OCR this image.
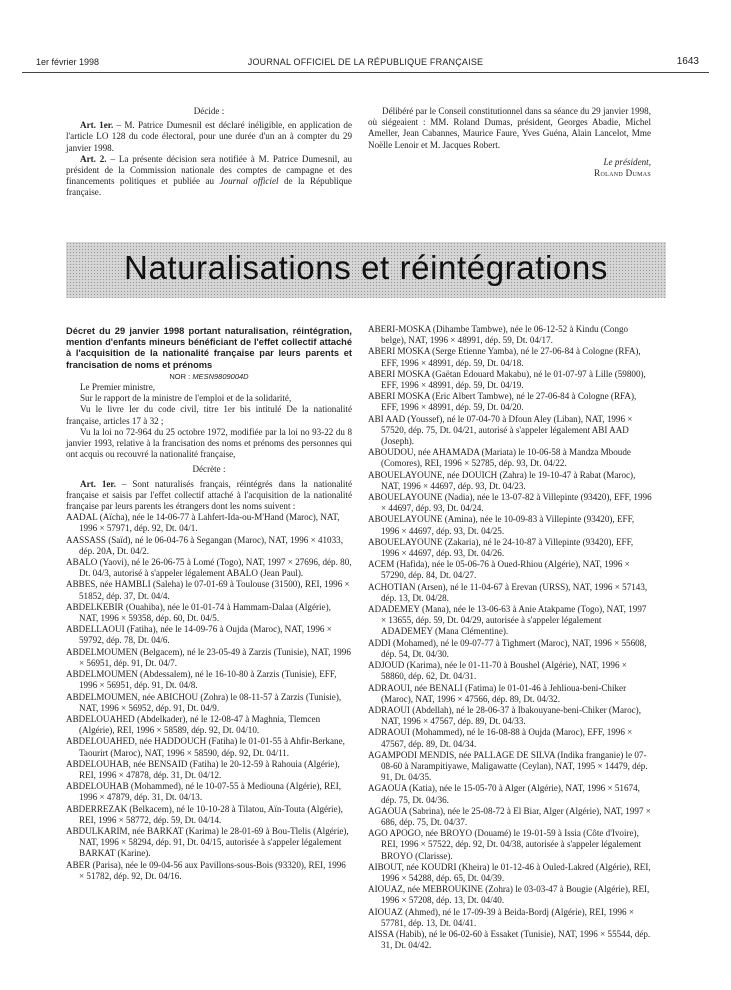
1er février 1998	JOURNAL OFFICIEL DE LA RÉPUBLIQUE FRANÇAISE	1643

Décide :

Art. 1er. – M. Patrice Dumesnil est déclaré inéligible, en application de l'article LO 128 du code électoral, pour une durée d'un an à compter du 29 janvier 1998.

Art. 2. – La présente décision sera notifiée à M. Patrice Dumesnil, au président de la Commission nationale des comptes de campagne et des financements politiques et publiée au Journal officiel de la République française.

Délibéré par le Conseil constitutionnel dans sa séance du 29 janvier 1998, où siégeaient : MM. Roland Dumas, président, Georges Abadie, Michel Ameller, Jean Cabannes, Maurice Faure, Yves Guéna, Alain Lancelot, Mme Noëlle Lenoir et M. Jacques Robert.

Le président,

Roland Dumas

Naturalisations et réintégrations

Décret du 29 janvier 1998 portant naturalisation, réintégration, mention d'enfants mineurs bénéficiant de l'effet collectif attaché à l'acquisition de la nationalité française par leurs parents et francisation de noms et prénoms

NOR : MESN9809004D

Le Premier ministre,

Sur le rapport de la ministre de l'emploi et de la solidarité,

Vu le livre Ier du code civil, titre 1er bis intitulé De la nationalité française, articles 17 à 32 ;

Vu la loi no 72-964 du 25 octobre 1972, modifiée par la loi no 93-22 du 8 janvier 1993, relative à la francisation des noms et prénoms des personnes qui ont acquis ou recouvré la nationalité française,

Décrète :

Art. 1er. – Sont naturalisés français, réintégrés dans la nationalité française et saisis par l'effet collectif attaché à l'acquisition de la nationalité française par leurs parents les étrangers dont les noms suivent :

AADAL (Aïcha), née le 14-06-77 à Lahfert-Ida-ou-M'Hand (Maroc), NAT, 1996 × 57971, dép. 92, Dt. 04/1.

AASSASS (Saïd), né le 06-04-76 à Segangan (Maroc), NAT, 1996 × 41033, dép. 20A, Dt. 04/2.

ABALO (Yaovi), né le 26-06-75 à Lomé (Togo), NAT, 1997 × 27696, dép. 80, Dt. 04/3, autorisé à s'appeler légalement ABALO (Jean Paul).

ABBES, née HAMBLI (Saleha) le 07-01-69 à Toulouse (31500), REI, 1996 × 51852, dép. 37, Dt. 04/4.

ABDELKEBIR (Ouahiba), née le 01-01-74 à Hammam-Dalaa (Algérie), NAT, 1996 × 59358, dép. 60, Dt. 04/5.

ABDELLAOUI (Fatiha), née le 14-09-76 à Oujda (Maroc), NAT, 1996 × 59792, dép. 78, Dt. 04/6.

ABDELMOUMEN (Belgacem), né le 23-05-49 à Zarzis (Tunisie), NAT, 1996 × 56951, dép. 91, Dt. 04/7.

ABDELMOUMEN (Abdessalem), né le 16-10-80 à Zarzis (Tunisie), EFF, 1996 × 56951, dép. 91, Dt. 04/8.

ABDELMOUMEN, née ABICHOU (Zohra) le 08-11-57 à Zarzis (Tunisie), NAT, 1996 × 56952, dép. 91, Dt. 04/9.

ABDELOUAHED (Abdelkader), né le 12-08-47 à Maghnia, Tlemcen (Algérie), REI, 1996 × 58589, dép. 92, Dt. 04/10.

ABDELOUAHED, née HADDOUCH (Fatiha) le 01-01-55 à Ahfir-Berkane, Taourirt (Maroc), NAT, 1996 × 58590, dép. 92, Dt. 04/11.

ABDELOUHAB, née BENSAID (Fatiha) le 20-12-59 à Rahouia (Algérie), REI, 1996 × 47878, dép. 31, Dt. 04/12.

ABDELOUHAB (Mohammed), né le 10-07-55 à Mediouna (Algérie), REI, 1996 × 47879, dép. 31, Dt. 04/13.

ABDERREZAK (Belkacem), né le 10-10-28 à Tilatou, Aïn-Touta (Algérie), REI, 1996 × 58772, dép. 59, Dt. 04/14.

ABDULKARIM, née BARKAT (Karima) le 28-01-69 à Bou-Tlelis (Algérie), NAT, 1996 × 58294, dép. 91, Dt. 04/15, autorisée à s'appeler légalement BARKAT (Karine).

ABER (Parisa), née le 09-04-56 aux Pavillons-sous-Bois (93320), REI, 1996 × 51782, dép. 92, Dt. 04/16.

ABERI-MOSKA (Dihambe Tambwe), née le 06-12-52 à Kindu (Congo belge), NAT, 1996 × 48991, dép. 59, Dt. 04/17.

ABERI MOSKA (Serge Etienne Yamba), né le 27-06-84 à Cologne (RFA), EFF, 1996 × 48991, dép. 59, Dt. 04/18.

ABERI MOSKA (Gaëtan Edouard Makabu), né le 01-07-97 à Lille (59800), EFF, 1996 × 48991, dép. 59, Dt. 04/19.

ABERI MOSKA (Eric Albert Tambwe), né le 27-06-84 à Cologne (RFA), EFF, 1996 × 48991, dép. 59, Dt. 04/20.

ABI AAD (Youssef), né le 07-04-70 à Dfoun Aley (Liban), NAT, 1996 × 57520, dép. 75, Dt. 04/21, autorisé à s'appeler légalement ABI AAD (Joseph).

ABOUDOU, née AHAMADA (Mariata) le 10-06-58 à Mandza Mboude (Comores), REI, 1996 × 52785, dép. 93, Dt. 04/22.

ABOUELAYOUNE, née DOUICH (Zahra) le 19-10-47 à Rabat (Maroc), NAT, 1996 × 44697, dép. 93, Dt. 04/23.

ABOUELAYOUNE (Nadia), née le 13-07-82 à Villepinte (93420), EFF, 1996 × 44697, dép. 93, Dt. 04/24.

ABOUELAYOUNE (Amina), née le 10-09-83 à Villepinte (93420), EFF, 1996 × 44697, dép. 93, Dt. 04/25.

ABOUELAYOUNE (Zakaria), né le 24-10-87 à Villepinte (93420), EFF, 1996 × 44697, dép. 93, Dt. 04/26.

ACEM (Hafida), née le 05-06-76 à Oued-Rhiou (Algérie), NAT, 1996 × 57290, dép. 84, Dt. 04/27.

ACHOTIAN (Arsen), né le 11-04-67 à Erevan (URSS), NAT, 1996 × 57143, dép. 13, Dt. 04/28.

ADADEMEY (Mana), née le 13-06-63 à Anie Atakpame (Togo), NAT, 1997 × 13655, dép. 59, Dt. 04/29, autorisée à s'appeler légalement ADADEMEY (Mana Clémentine).

ADDI (Mohamed), né le 09-07-77 à Tighmert (Maroc), NAT, 1996 × 55608, dép. 54, Dt. 04/30.

ADJOUD (Karima), née le 01-11-70 à Boushel (Algérie), NAT, 1996 × 58860, dép. 62, Dt. 04/31.

ADRAOUI, née BENALI (Fatima) le 01-01-46 à Jehlioua-beni-Chiker (Maroc), NAT, 1996 × 47566, dép. 89, Dt. 04/32.

ADRAOUI (Abdellah), né le 28-06-37 à Ibakouyane-beni-Chiker (Maroc), NAT, 1996 × 47567, dép. 89, Dt. 04/33.

ADRAOUI (Mohammed), né le 16-08-88 à Oujda (Maroc), EFF, 1996 × 47567, dép. 89, Dt. 04/34.

AGAMPODI MENDIS, née PALLAGE DE SILVA (Indika franganie) le 07-08-60 à Narampitiyawe, Maligawatte (Ceylan), NAT, 1995 × 14479, dép. 91, Dt. 04/35.

AGAOUA (Katia), née le 15-05-70 à Alger (Algérie), NAT, 1996 × 51674, dép. 75, Dt. 04/36.

AGAOUA (Sabrina), née le 25-08-72 à El Biar, Alger (Algérie), NAT, 1997 × 686, dép. 75, Dt. 04/37.

AGO APOGO, née BROYO (Douamé) le 19-01-59 à Issia (Côte d'Ivoire), REI, 1996 × 57522, dép. 92, Dt. 04/38, autorisée à s'appeler légalement BROYO (Clarisse).

AIBOUT, née KOUDRI (Kheira) le 01-12-46 à Ouled-Lakred (Algérie), REI, 1996 × 54288, dép. 65, Dt. 04/39.

AIOUAZ, née MEBROUKINE (Zohra) le 03-03-47 à Bougie (Algérie), REI, 1996 × 57208, dép. 13, Dt. 04/40.

AIOUAZ (Ahmed), né le 17-09-39 à Beida-Bordj (Algérie), REI, 1996 × 57781, dép. 13, Dt. 04/41.

AISSA (Habib), né le 06-02-60 à Essaket (Tunisie), NAT, 1996 × 55544, dép. 31, Dt. 04/42.
